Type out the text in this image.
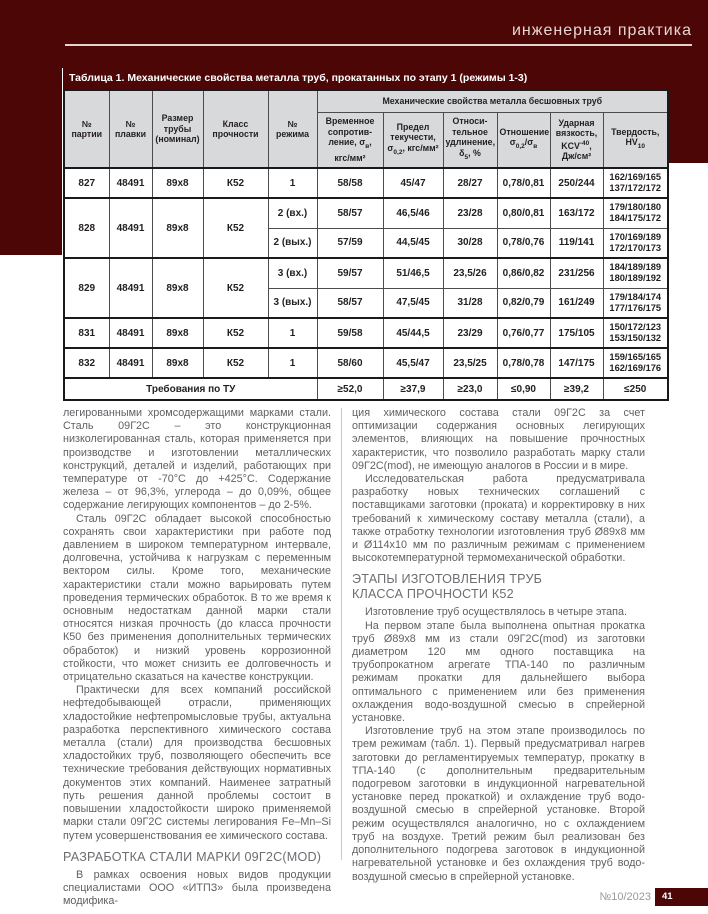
инженерная практика
Таблица 1. Механические свойства металла труб, прокатанных по этапу 1 (режимы 1-3)
№
партии	№
плавки	Размер
трубы
(номинал)	Класс
прочности	№
режима	Механические свойства металла бесшовных труб					
					Временное
сопротив-
ление, $\sigma_в$,
кгс/мм²	Предел
текучести,
$\sigma_{0,2}$, кгс/мм²	Относи-
тельное
удлинение,
$\delta_5$, %	Отношение
$\sigma_{0,2}/\sigma_в$	Ударная
вязкость,
$KCV^{-40}$,
Дж/см²	Твердость,
$HV_{10}$
827	48491	89х8	К52	1	58/58	45/47	28/27	0,78/0,81	250/244	162/169/165
137/172/172
828	48491	89х8	К52	2 (вх.)	58/57	46,5/46	23/28	0,80/0,81	163/172	179/180/180
184/175/172
				2 (вых.)	57/59	44,5/45	30/28	0,78/0,76	119/141	170/169/189
172/170/173
829	48491	89х8	К52	3 (вх.)	59/57	51/46,5	23,5/26	0,86/0,82	231/256	184/189/189
180/189/192
				3 (вых.)	58/57	47,5/45	31/28	0,82/0,79	161/249	179/184/174
177/176/175
831	48491	89х8	К52	1	59/58	45/44,5	23/29	0,76/0,77	175/105	150/172/123
153/150/132
832	48491	89х8	К52	1	58/60	45,5/47	23,5/25	0,78/0,78	147/175	159/165/165
162/169/176
Требования по ТУ					≥52,0	≥37,9	≥23,0	≤0,90	≥39,2	≤250

легированными хромсодержащими марками стали. Сталь 09Г2С – это конструкционная низколегированная сталь, которая применяется при производстве и изготовлении металлических конструкций, деталей и изделий, работающих при температуре от -70°С до +425°С. Содержание железа – от 96,3%, углерода – до 0,09%, общее содержание легирующих компонентов – до 2-5%.

Сталь 09Г2С обладает высокой способностью сохранять свои характеристики при работе под давлением в широком температурном интервале, долговечна, устойчива к нагрузкам с переменным вектором силы. Кроме того, механические характеристики стали можно варьировать путем проведения термических обработок. В то же время к основным недостаткам данной марки стали относятся низкая прочность (до класса прочности К50 без применения дополнительных термических обработок) и низкий уровень коррозионной стойкости, что может снизить ее долговечность и отрицательно сказаться на качестве конструкции.

Практически для всех компаний российской нефтедобывающей отрасли, применяющих хладостойкие нефтепромысловые трубы, актуальна разработка перспективного химического состава металла (стали) для производства бесшовных хладостойких труб, позволяющего обеспечить все технические требования действующих нормативных документов этих компаний. Наименее затратный путь решения данной проблемы состоит в повышении хладостойкости широко применяемой марки стали 09Г2С системы легирования Fe–Mn–Si путем усовершенствования ее химического состава.

РАЗРАБОТКА СТАЛИ МАРКИ 09Г2С(MOD)

В рамках освоения новых видов продукции специалистами ООО «ИТПЗ» была произведена модифика-

ция химического состава стали 09Г2С за счет оптимизации содержания основных легирующих элементов, влияющих на повышение прочностных характеристик, что позволило разработать марку стали 09Г2С(mod), не имеющую аналогов в России и в мире.

Исследовательская работа предусматривала разработку новых технических соглашений с поставщиками заготовки (проката) и корректировку в них требований к химическому составу металла (стали), а также отработку технологии изготовления труб Ø89х8 мм и Ø114х10 мм по различным режимам с применением высокотемпературной термомеханической обработки.

ЭТАПЫ ИЗГОТОВЛЕНИЯ ТРУБ
КЛАССА ПРОЧНОСТИ К52

Изготовление труб осуществлялось в четыре этапа.

На первом этапе была выполнена опытная прокатка труб Ø89х8 мм из стали 09Г2С(mod) из заготовки диаметром 120 мм одного поставщика на трубопрокатном агрегате ТПА-140 по различным режимам прокатки для дальнейшего выбора оптимального с применением или без применения охлаждения водо-воздушной смесью в спрейерной установке.

Изготовление труб на этом этапе производилось по трем режимам (табл. 1). Первый предусматривал нагрев заготовки до регламентируемых температур, прокатку в ТПА-140 (с дополнительным предварительным подогревом заготовки в индукционной нагревательной установке перед прокаткой) и охлаждение труб водо-воздушной смесью в спрейерной установке. Второй режим осуществлялся аналогично, но с охлаждением труб на воздухе. Третий режим был реализован без дополнительного подогрева заготовок в индукционной нагревательной установке и без охлаждения труб водо-воздушной смесью в спрейерной установке.

№10/2023	41
